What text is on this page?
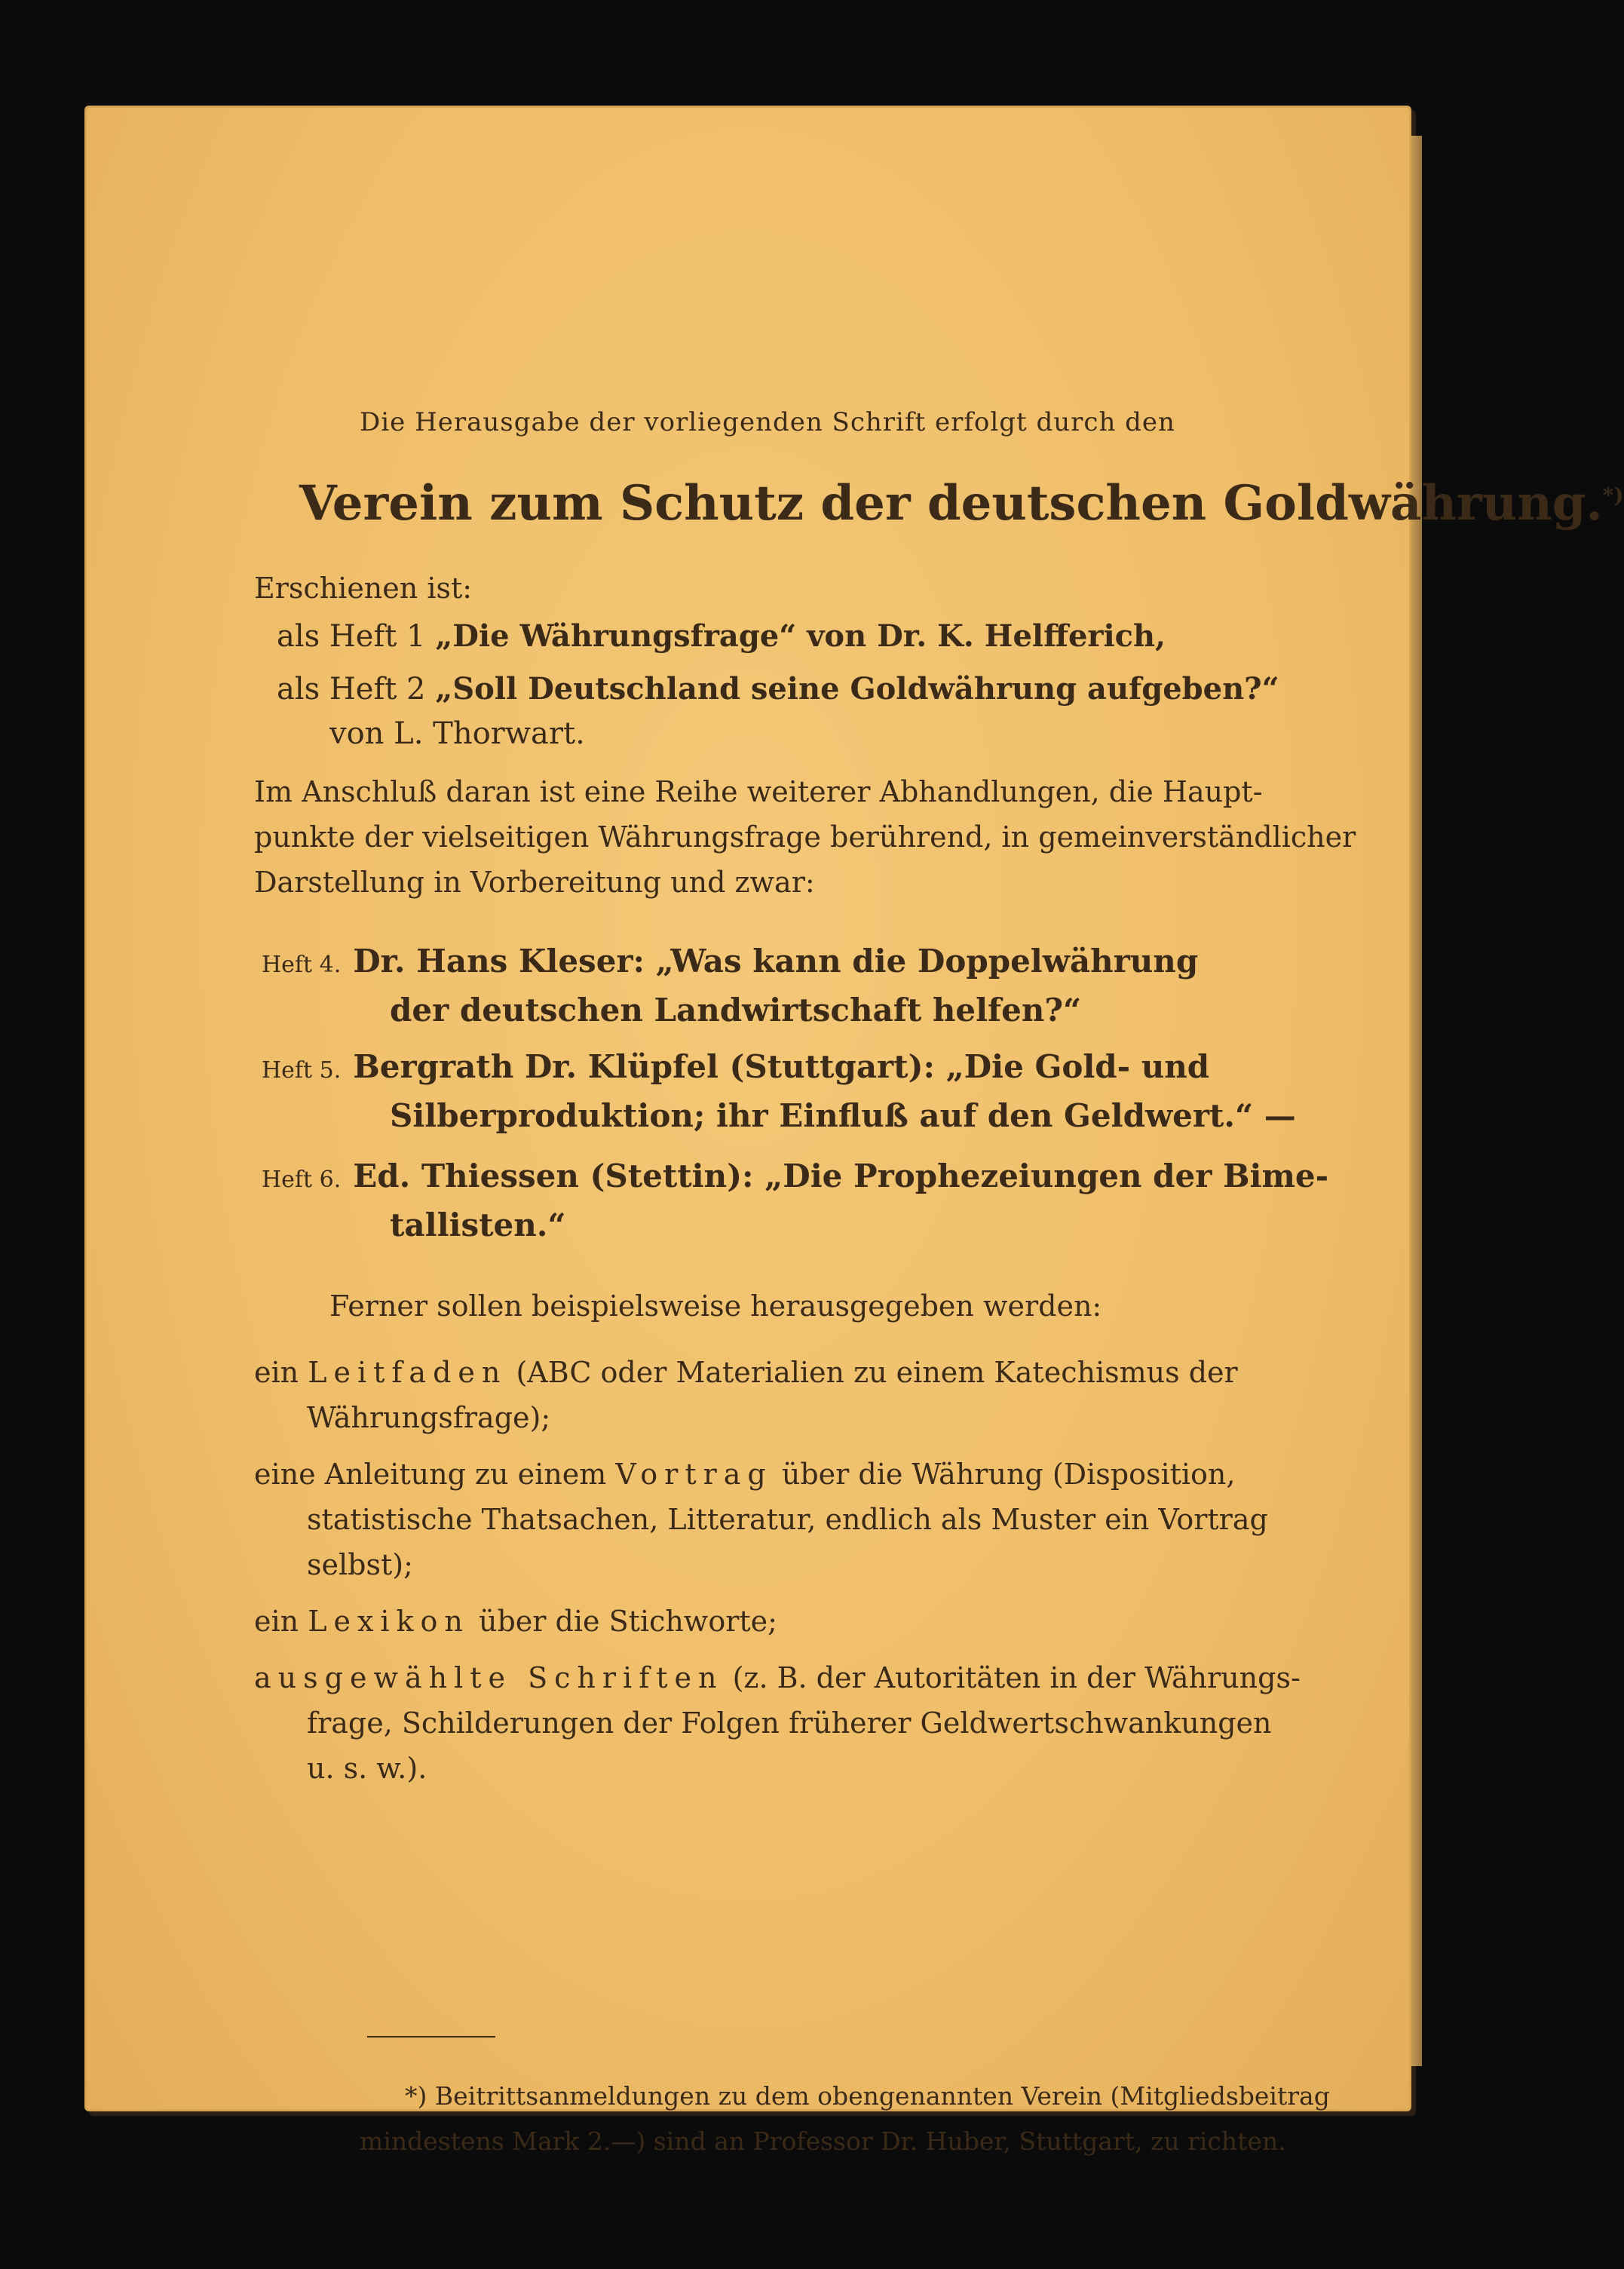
Die Herausgabe der vorliegenden Schrift erfolgt durch den
Verein zum Schutz der deutschen Goldwährung.*)
Erschienen ist:
als Heft 1 „Die Währungsfrage“ von Dr. K. Helfferich,
als Heft 2 „Soll Deutschland seine Goldwährung aufgeben?“
von L. Thorwart.
Im Anschluß daran ist eine Reihe weiterer Abhandlungen, die Haupt-
punkte der vielseitigen Währungsfrage berührend, in gemeinverständlicher
Darstellung in Vorbereitung und zwar:
Heft 4. Dr. Hans Kleser: „Was kann die Doppelwährung
der deutschen Landwirtschaft helfen?“
Heft 5. Bergrath Dr. Klüpfel (Stuttgart): „Die Gold- und
Silberproduktion; ihr Einfluß auf den Geldwert.“ —
Heft 6. Ed. Thiessen (Stettin): „Die Prophezeiungen der Bime-
tallisten.“
Ferner sollen beispielsweise herausgegeben werden:
ein Leitfaden (ABC oder Materialien zu einem Katechismus der
Währungsfrage);
eine Anleitung zu einem Vortrag über die Währung (Disposition,
statistische Thatsachen, Litteratur, endlich als Muster ein Vortrag
selbst);
ein Lexikon über die Stichworte;
ausgewählte Schriften (z. B. der Autoritäten in der Währungs-
frage, Schilderungen der Folgen früherer Geldwertschwankungen
u. s. w.).
*) Beitrittsanmeldungen zu dem obengenannten Verein (Mitgliedsbeitrag
mindestens Mark 2.—) sind an Professor Dr. Huber, Stuttgart, zu richten.
